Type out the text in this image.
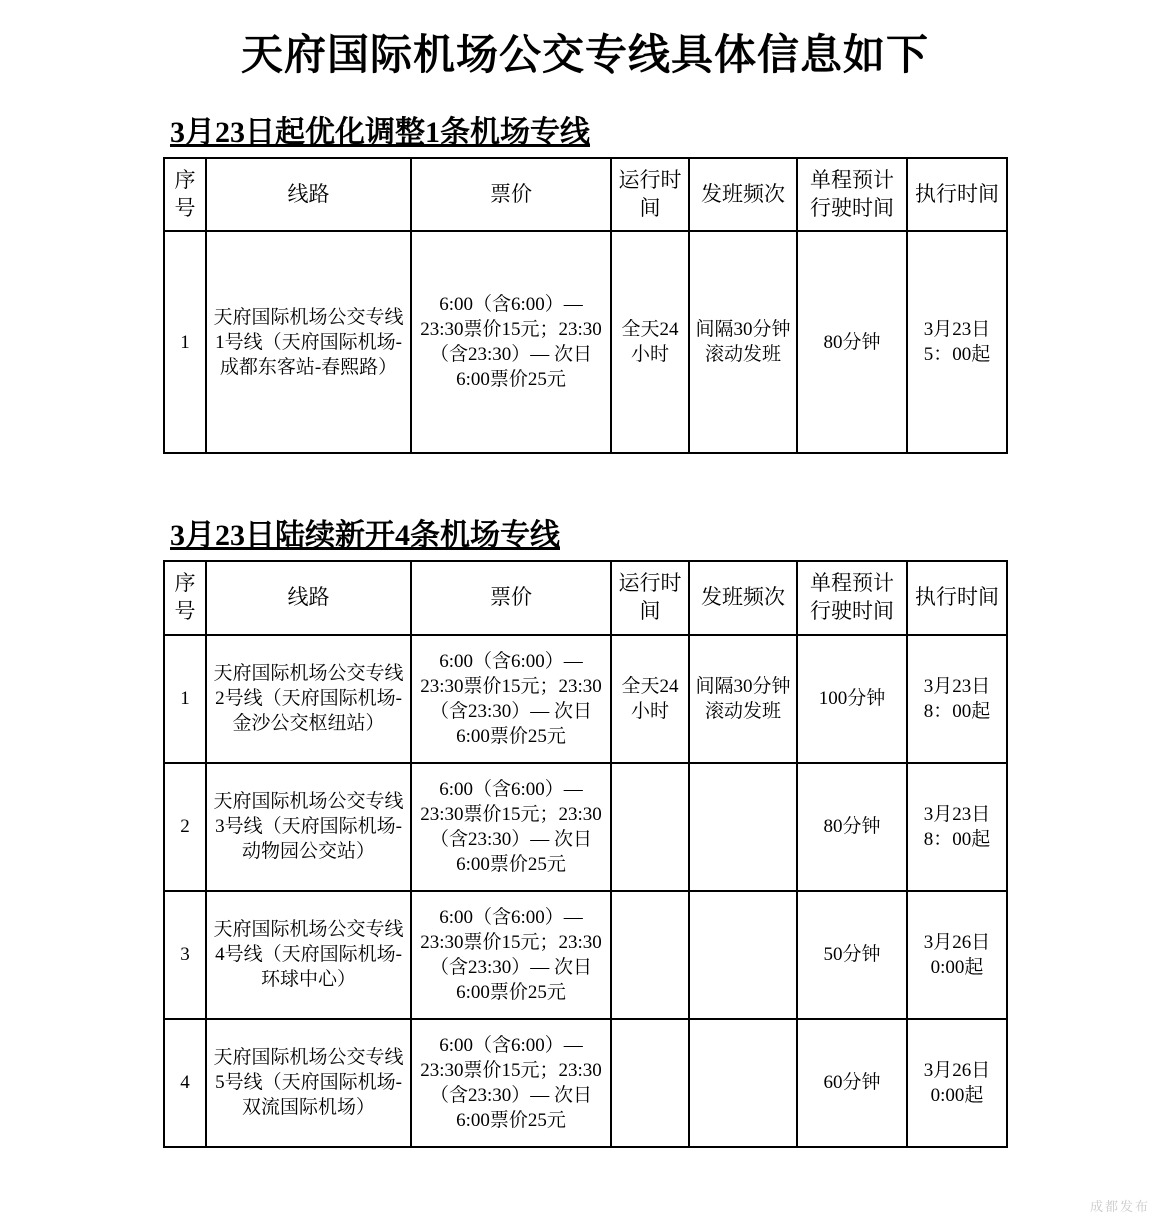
天府国际机场公交专线具体信息如下
3月23日起优化调整1条机场专线
序号	线路	票价	运行时间	发班频次	单程预计行驶时间	执行时间
1	天府国际机场公交专线1号线（天府国际机场-成都东客站-春熙路）	6:00（含6:00）— 23:30票价15元；23:30（含23:30）— 次日6:00票价25元	全天24小时	间隔30分钟滚动发班	80分钟	3月23日5：00起
3月23日陆续新开4条机场专线
序号	线路	票价	运行时间	发班频次	单程预计行驶时间	执行时间
1	天府国际机场公交专线2号线（天府国际机场-金沙公交枢纽站）	6:00（含6:00）— 23:30票价15元；23:30（含23:30）— 次日6:00票价25元	全天24小时	间隔30分钟滚动发班	100分钟	3月23日8：00起
2	天府国际机场公交专线3号线（天府国际机场-动物园公交站）	6:00（含6:00）— 23:30票价15元；23:30（含23:30）— 次日6:00票价25元			80分钟	3月23日8：00起
3	天府国际机场公交专线4号线（天府国际机场-环球中心）	6:00（含6:00）— 23:30票价15元；23:30（含23:30）— 次日6:00票价25元			50分钟	3月26日0:00起
4	天府国际机场公交专线5号线（天府国际机场-双流国际机场）	6:00（含6:00）— 23:30票价15元；23:30（含23:30）— 次日6:00票价25元			60分钟	3月26日0:00起
成都发布
